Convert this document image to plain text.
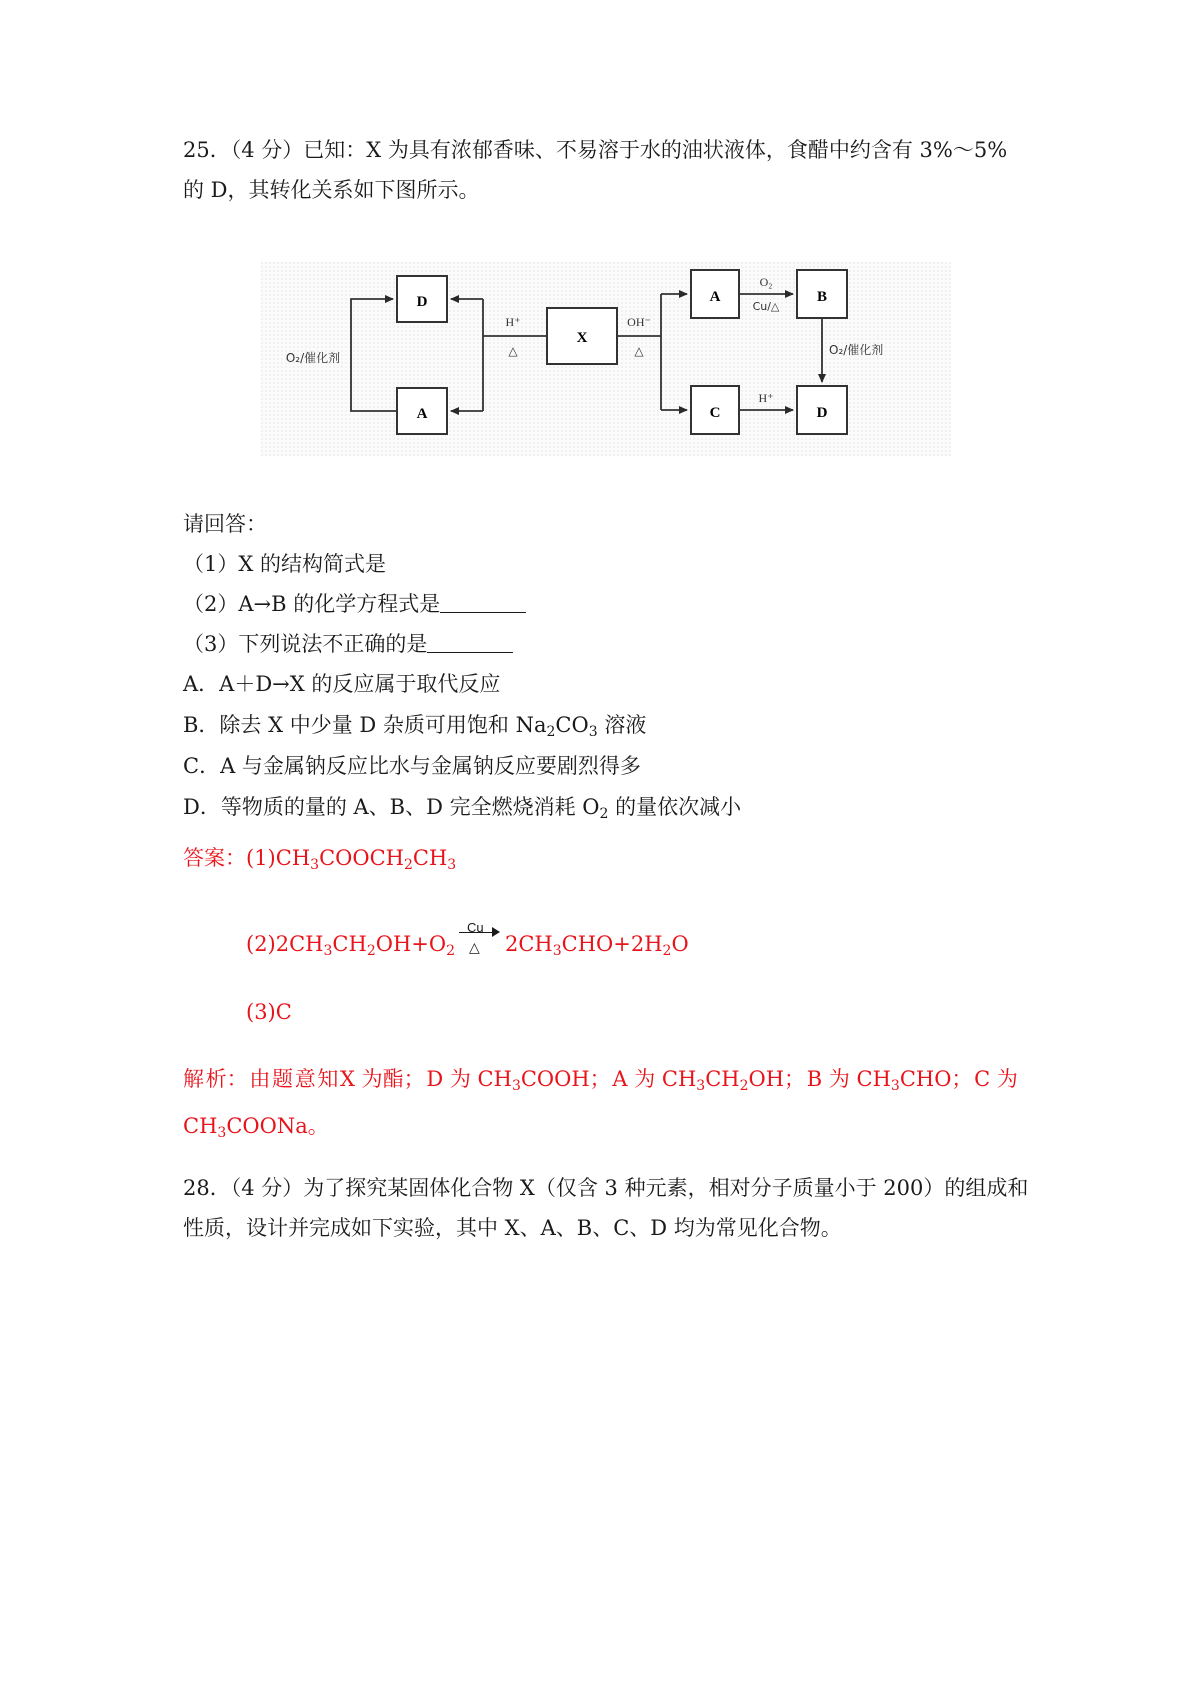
25．（4 分）已知：X 为具有浓郁香味、不易溶于水的油状液体，食醋中约含有 3%～5%
的 D，其转化关系如下图所示。
D
A
X
A	B
C	D
O₂/催化剂
H⁺
△
OH⁻
△
O₂
Cu/△
O₂/催化剂
H⁺
请回答：
（1）X 的结构简式是
（2）A→B 的化学方程式是
（3）下列说法不正确的是
A．A＋D→X 的反应属于取代反应
B．除去 X 中少量 D 杂质可用饱和 $Na_2CO_3$ 溶液
C．A 与金属钠反应比水与金属钠反应要剧烈得多
D．等物质的量的 A、B、D 完全燃烧消耗 $O_2$ 的量依次减小
答案：$(1)CH_3COOCH_2CH_3$
$(2)2CH_3CH_2OH+O_2$
Cu
△ $2CH_3CHO+2H_2O$
(3)C
解 析： 由 题 意 知 X 为酯； D 为 $CH_3COOH$； A 为 $CH_3CH_2OH$； B 为 $CH_3CHO$； C 为
$CH_3COONa$。
28．（4 分）为了探究某固体化合物 X（仅含 3 种元素，相对分子质量小于 200）的组成和
性质，设计并完成如下实验，其中 X、A、B、C、D 均为常见化合物。
